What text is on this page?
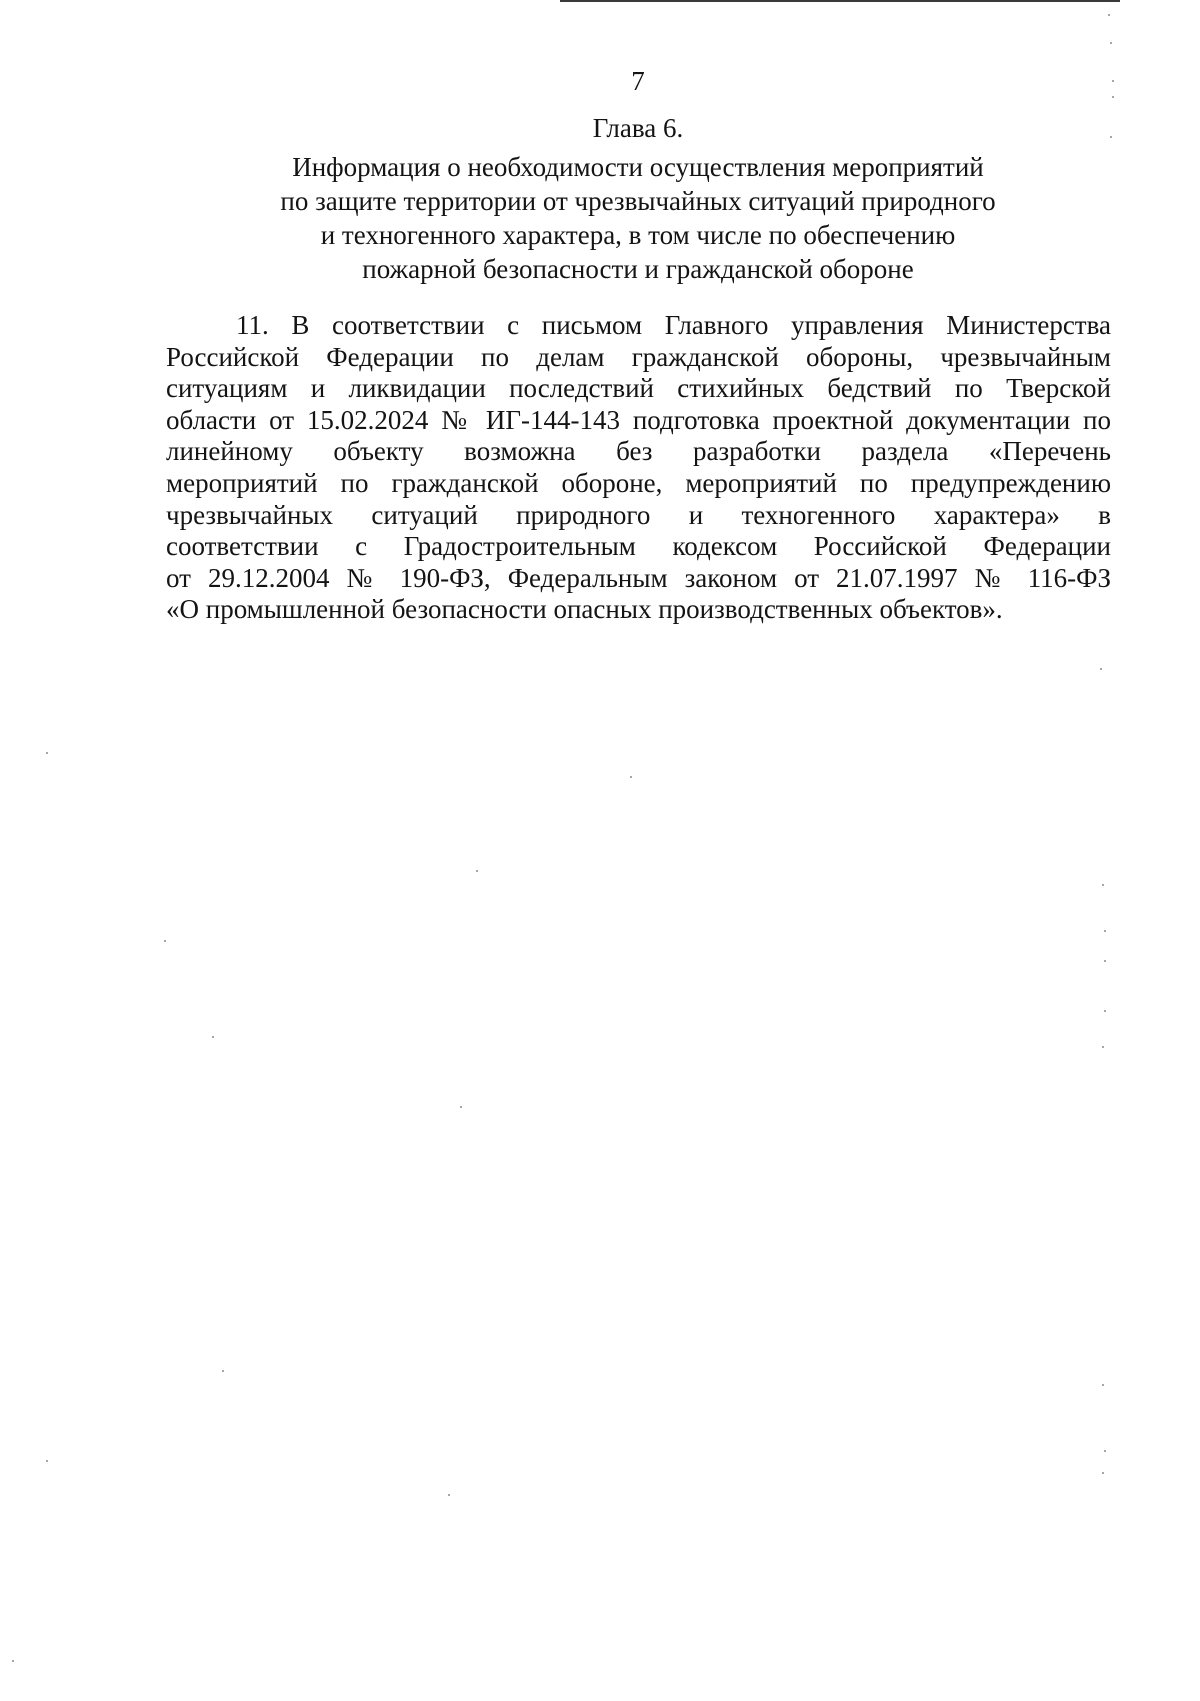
7
Глава 6.
Информация о необходимости осуществления мероприятий
по защите территории от чрезвычайных ситуаций природного
и техногенного характера, в том числе по обеспечению
пожарной безопасности и гражданской обороне
11. В соответствии с письмом Главного управления Министерства
Российской Федерации по делам гражданской обороны, чрезвычайным
ситуациям и ликвидации последствий стихийных бедствий по Тверской
области от 15.02.2024 № ИГ-144-143 подготовка проектной документации по
линейному объекту возможна без разработки раздела «Перечень
мероприятий по гражданской обороне, мероприятий по предупреждению
чрезвычайных ситуаций природного и техногенного характера» в
соответствии с Градостроительным кодексом Российской Федерации
от 29.12.2004 № 190-ФЗ, Федеральным законом от 21.07.1997 № 116-ФЗ
«О промышленной безопасности опасных производственных объектов».
